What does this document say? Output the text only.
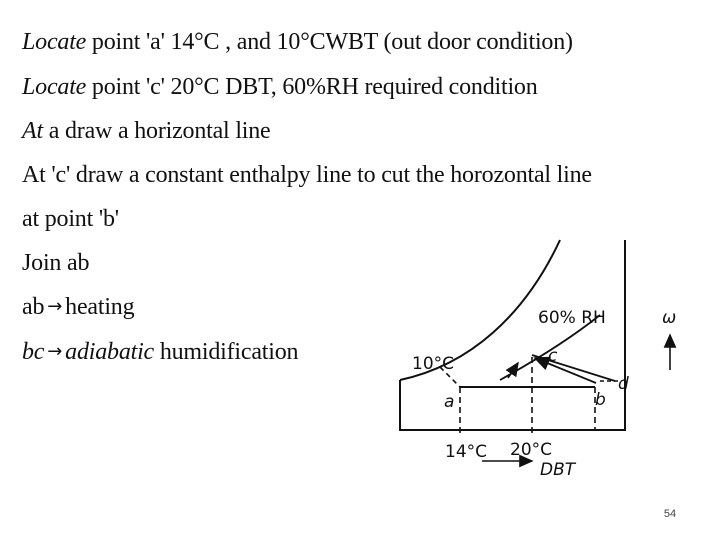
Locate point 'a' 14°C , and 10°CWBT (out door condition)
Locate point 'c' 20°C DBT, 60%RH required condition
At a draw a horizontal line
At 'c' draw a constant enthalpy line to cut the horozontal line
at point 'b'
Join ab
ab → heating
bc → adiabatic humidification
60% RH
10°C
a	b
c
d
14°C 20°C
DBT
ω
54
